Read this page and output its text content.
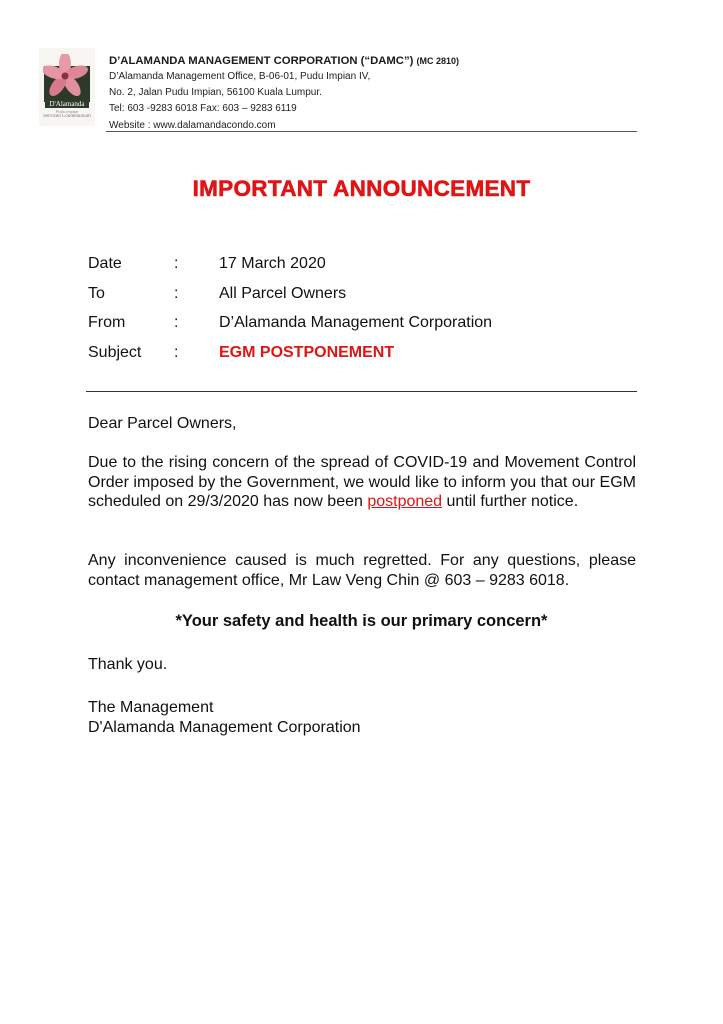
D'Alamanda
Pudu Impian
Serviced Condominium
D’ALAMANDA MANAGEMENT CORPORATION (“DAMC”) (MC 2810)
D’Alamanda Management Office, B-06-01, Pudu Impian IV,
No. 2, Jalan Pudu Impian, 56100 Kuala Lumpur.
Tel: 603 -9283 6018 Fax: 603 – 9283 6119
Website : www.dalamandacondo.com
IMPORTANT ANNOUNCEMENT
Date	:	17 March 2020
To	:	All Parcel Owners
From	:	D’Alamanda Management Corporation
Subject :	EGM POSTPONEMENT
Dear Parcel Owners,
Due to the rising concern of the spread of COVID-19 and Movement Control Order imposed by the Government, we would like to inform you that our EGM scheduled on 29/3/2020 has now been postponed until further notice.
Any inconvenience caused is much regretted. For any questions, please contact management office, Mr Law Veng Chin @ 603 – 9283 6018.
*Your safety and health is our primary concern*
Thank you.
The Management
D'Alamanda Management Corporation
